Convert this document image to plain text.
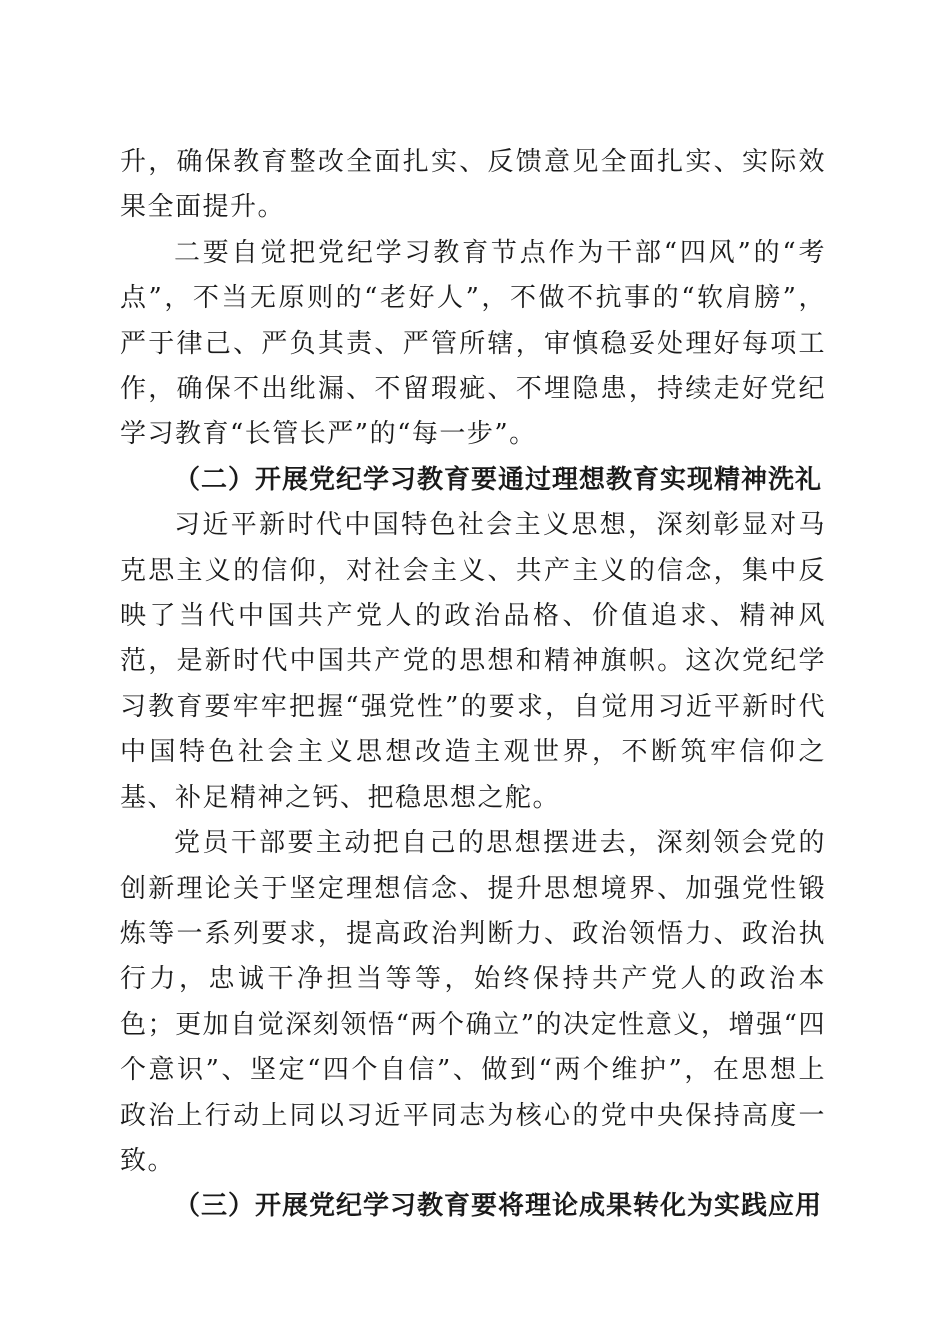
升，确保教育整改全面扎实、反馈意见全面扎实、实际效果全面提升。

二要自觉把党纪学习教育节点作为干部“四风”的“考点”，不当无原则的“老好人”，不做不抗事的“软肩膀”，严于律己、严负其责、严管所辖，审慎稳妥处理好每项工作，确保不出纰漏、不留瑕疵、不埋隐患，持续走好党纪学习教育“长管长严”的“每一步”。

（二）开展党纪学习教育要通过理想教育实现精神洗礼

习近平新时代中国特色社会主义思想，深刻彰显对马克思主义的信仰，对社会主义、共产主义的信念，集中反映了当代中国共产党人的政治品格、价值追求、精神风范，是新时代中国共产党的思想和精神旗帜。这次党纪学习教育要牢牢把握“强党性”的要求，自觉用习近平新时代中国特色社会主义思想改造主观世界，不断筑牢信仰之基、补足精神之钙、把稳思想之舵。

党员干部要主动把自己的思想摆进去，深刻领会党的创新理论关于坚定理想信念、提升思想境界、加强党性锻炼等一系列要求，提高政治判断力、政治领悟力、政治执行力，忠诚干净担当等等，始终保持共产党人的政治本色；更加自觉深刻领悟“两个确立”的决定性意义，增强“四个意识”、坚定“四个自信”、做到“两个维护”，在思想上政治上行动上同以习近平同志为核心的党中央保持高度一致。

（三）开展党纪学习教育要将理论成果转化为实践应用
